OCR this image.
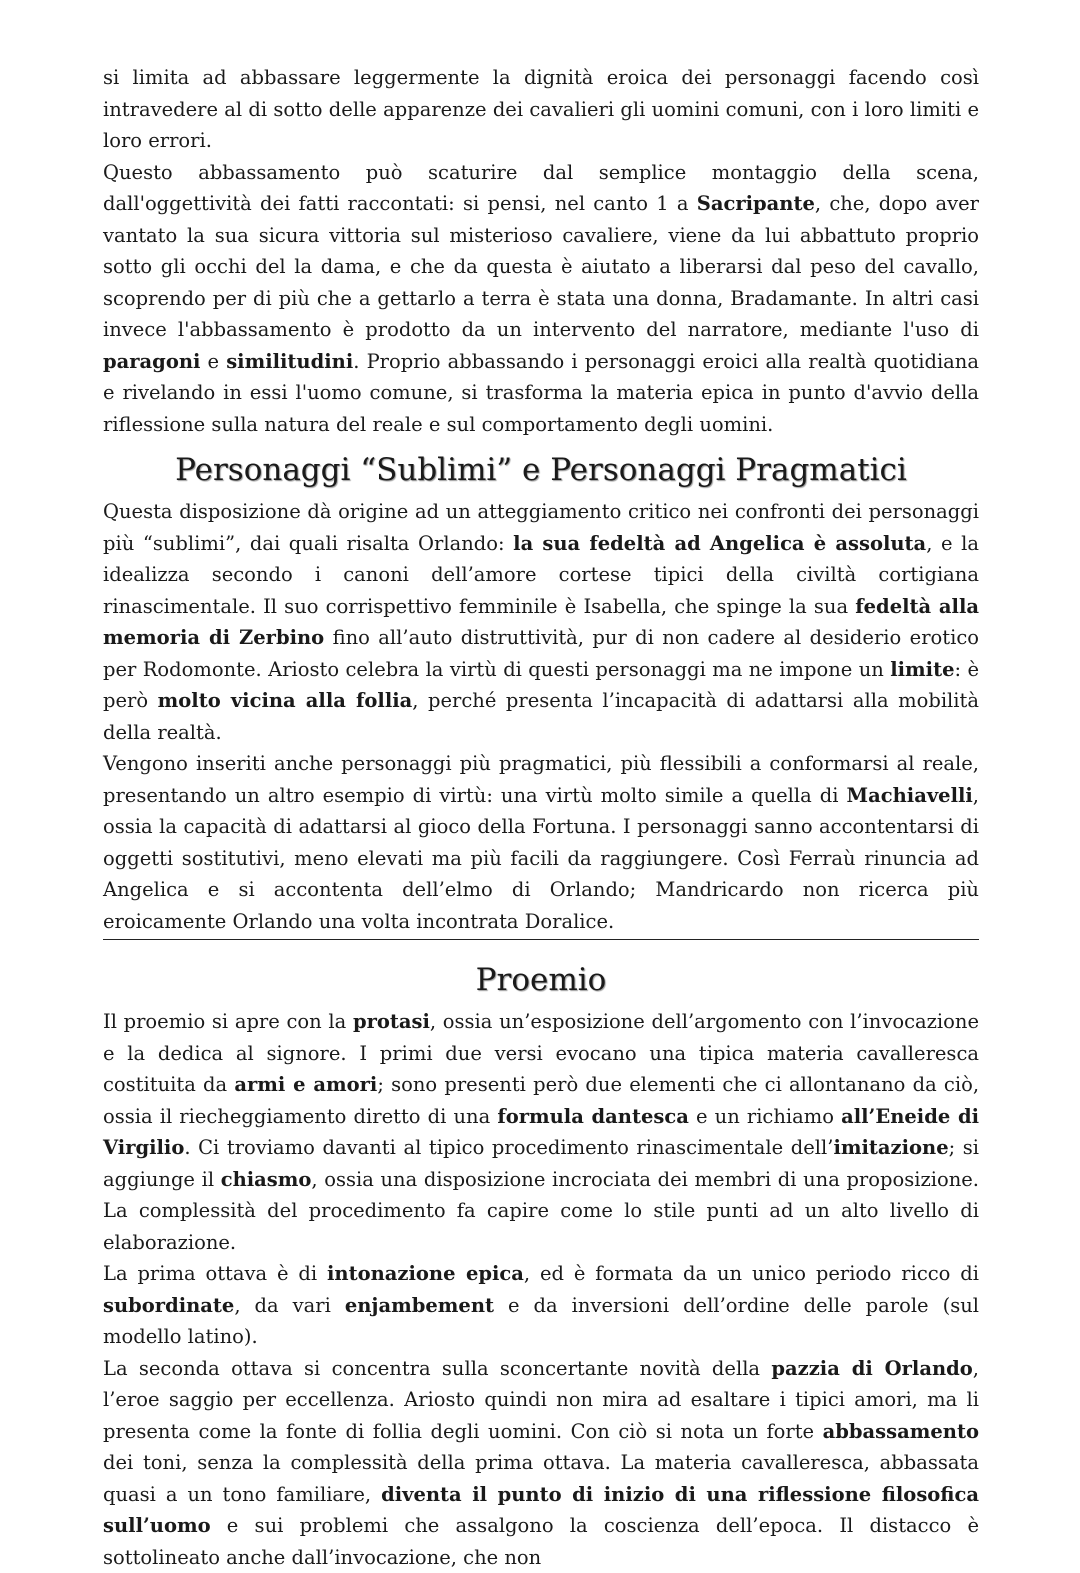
si limita ad abbassare leggermente la dignità eroica dei personaggi facendo così intravedere al di sotto delle apparenze dei cavalieri gli uomini comuni, con i loro limiti e loro errori.

Questo abbassamento può scaturire dal semplice montaggio della scena, dall'oggettività dei fatti raccontati: si pensi, nel canto 1 a Sacripante, che, dopo aver vantato la sua sicura vittoria sul misterioso cavaliere, viene da lui abbattuto proprio sotto gli occhi del la dama, e che da questa è aiutato a liberarsi dal peso del cavallo, scoprendo per di più che a gettarlo a terra è stata una donna, Bradamante. In altri casi invece l'abbassamento è prodotto da un intervento del narratore, mediante l'uso di paragoni e similitudini. Proprio abbassando i personaggi eroici alla realtà quotidiana e rivelando in essi l'uomo comune, si trasforma la materia epica in punto d'avvio della riflessione sulla natura del reale e sul comportamento degli uomini.

Personaggi “Sublimi” e Personaggi Pragmatici

Questa disposizione dà origine ad un atteggiamento critico nei confronti dei personaggi più “sublimi”, dai quali risalta Orlando: la sua fedeltà ad Angelica è assoluta, e la idealizza secondo i canoni dell’amore cortese tipici della civiltà cortigiana rinascimentale. Il suo corrispettivo femminile è Isabella, che spinge la sua fedeltà alla memoria di Zerbino fino all’auto distruttività, pur di non cadere al desiderio erotico per Rodomonte. Ariosto celebra la virtù di questi personaggi ma ne impone un limite: è però molto vicina alla follia, perché presenta l’incapacità di adattarsi alla mobilità della realtà.

Vengono inseriti anche personaggi più pragmatici, più flessibili a conformarsi al reale, presentando un altro esempio di virtù: una virtù molto simile a quella di Machiavelli, ossia la capacità di adattarsi al gioco della Fortuna. I personaggi sanno accontentarsi di oggetti sostitutivi, meno elevati ma più facili da raggiungere. Così Ferraù rinuncia ad Angelica e si accontenta dell’elmo di Orlando; Mandricardo non ricerca più eroicamente Orlando una volta incontrata Doralice.

Proemio

Il proemio si apre con la protasi, ossia un’esposizione dell’argomento con l’invocazione e la dedica al signore. I primi due versi evocano una tipica materia cavalleresca costituita da armi e amori; sono presenti però due elementi che ci allontanano da ciò, ossia il riecheggiamento diretto di una formula dantesca e un richiamo all’Eneide di Virgilio. Ci troviamo davanti al tipico procedimento rinascimentale dell’imitazione; si aggiunge il chiasmo, ossia una disposizione incrociata dei membri di una proposizione. La complessità del procedimento fa capire come lo stile punti ad un alto livello di elaborazione.

La prima ottava è di intonazione epica, ed è formata da un unico periodo ricco di subordinate, da vari enjambement e da inversioni dell’ordine delle parole (sul modello latino).

La seconda ottava si concentra sulla sconcertante novità della pazzia di Orlando, l’eroe saggio per eccellenza. Ariosto quindi non mira ad esaltare i tipici amori, ma li presenta come la fonte di follia degli uomini. Con ciò si nota un forte abbassamento dei toni, senza la complessità della prima ottava. La materia cavalleresca, abbassata quasi a un tono familiare, diventa il punto di inizio di una riflessione filosofica sull’uomo e sui problemi che assalgono la coscienza dell’epoca. Il distacco è sottolineato anche dall’invocazione, che non
